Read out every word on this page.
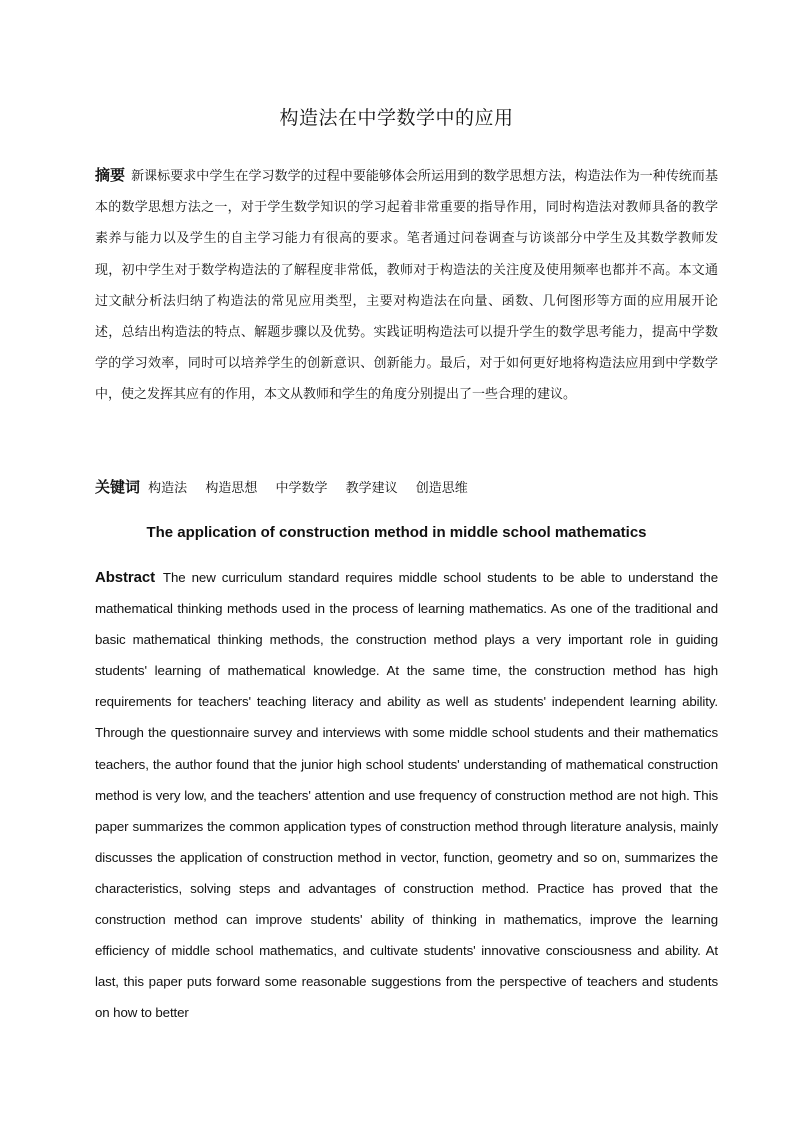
构造法在中学数学中的应用
摘要 新课标要求中学生在学习数学的过程中要能够体会所运用到的数学思想方法，构造法作为一种传统而基本的数学思想方法之一，对于学生数学知识的学习起着非常重要的指导作用，同时构造法对教师具备的教学素养与能力以及学生的自主学习能力有很高的要求。笔者通过问卷调查与访谈部分中学生及其数学教师发现，初中学生对于数学构造法的了解程度非常低，教师对于构造法的关注度及使用频率也都并不高。本文通过文献分析法归纳了构造法的常见应用类型，主要对构造法在向量、函数、几何图形等方面的应用展开论述，总结出构造法的特点、解题步骤以及优势。实践证明构造法可以提升学生的数学思考能力，提高中学数学的学习效率，同时可以培养学生的创新意识、创新能力。最后，对于如何更好地将构造法应用到中学数学中，使之发挥其应有的作用，本文从教师和学生的角度分别提出了一些合理的建议。
关键词 构造法 构造思想 中学数学 教学建议 创造思维
The application of construction method in middle school mathematics
Abstract The new curriculum standard requires middle school students to be able to understand the mathematical thinking methods used in the process of learning mathematics. As one of the traditional and basic mathematical thinking methods, the construction method plays a very important role in guiding students' learning of mathematical knowledge. At the same time, the construction method has high requirements for teachers' teaching literacy and ability as well as students' independent learning ability. Through the questionnaire survey and interviews with some middle school students and their mathematics teachers, the author found that the junior high school students' understanding of mathematical construction method is very low, and the teachers' attention and use frequency of construction method are not high. This paper summarizes the common application types of construction method through literature analysis, mainly discusses the application of construction method in vector, function, geometry and so on, summarizes the characteristics, solving steps and advantages of construction method. Practice has proved that the construction method can improve students' ability of thinking in mathematics, improve the learning efficiency of middle school mathematics, and cultivate students' innovative consciousness and ability. At last, this paper puts forward some reasonable suggestions from the perspective of teachers and students on how to better
